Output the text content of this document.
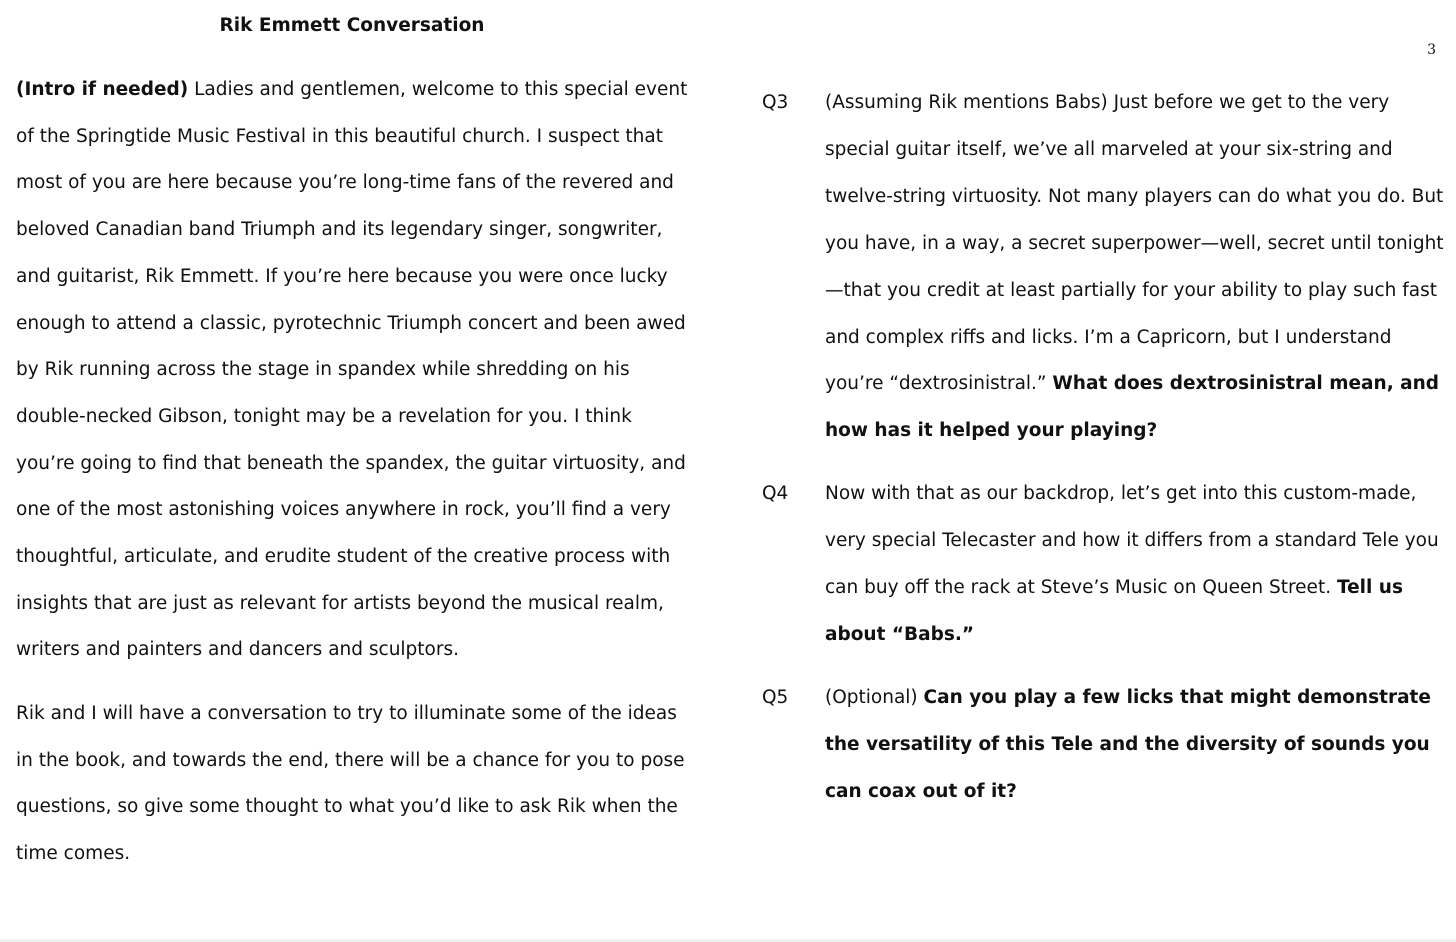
Rik Emmett Conversation

(Intro if needed) Ladies and gentlemen, welcome to this special event of the Springtide Music Festival in this beautiful church. I suspect that most of you are here because you’re long-time fans of the revered and beloved Canadian band Triumph and its legendary singer, songwriter, and guitarist, Rik Emmett. If you’re here because you were once lucky enough to attend a classic, pyrotechnic Triumph concert and been awed by Rik running across the stage in spandex while shredding on his double-necked Gibson, tonight may be a revelation for you. I think you’re going to find that beneath the spandex, the guitar virtuosity, and one of the most astonishing voices anywhere in rock, you’ll find a very thoughtful, articulate, and erudite student of the creative process with insights that are just as relevant for artists beyond the musical realm, writers and painters and dancers and sculptors.

Rik and I will have a conversation to try to illuminate some of the ideas in the book, and towards the end, there will be a chance for you to pose questions, so give some thought to what you’d like to ask Rik when the time comes.

3
Q3 (Assuming Rik mentions Babs) Just before we get to the very special guitar itself, we’ve all marveled at your six-string and twelve-string virtuosity. Not many players can do what you do. But you have, in a way, a secret superpower—well, secret until tonight—that you credit at least partially for your ability to play such fast and complex riffs and licks. I’m a Capricorn, but I understand you’re “dextrosinistral.” What does dextrosinistral mean, and how has it helped your playing?
Q4 Now with that as our backdrop, let’s get into this custom-made, very special Telecaster and how it differs from a standard Tele you can buy off the rack at Steve’s Music on Queen Street. Tell us about “Babs.”
Q5 (Optional) Can you play a few licks that might demonstrate the versatility of this Tele and the diversity of sounds you can coax out of it?
